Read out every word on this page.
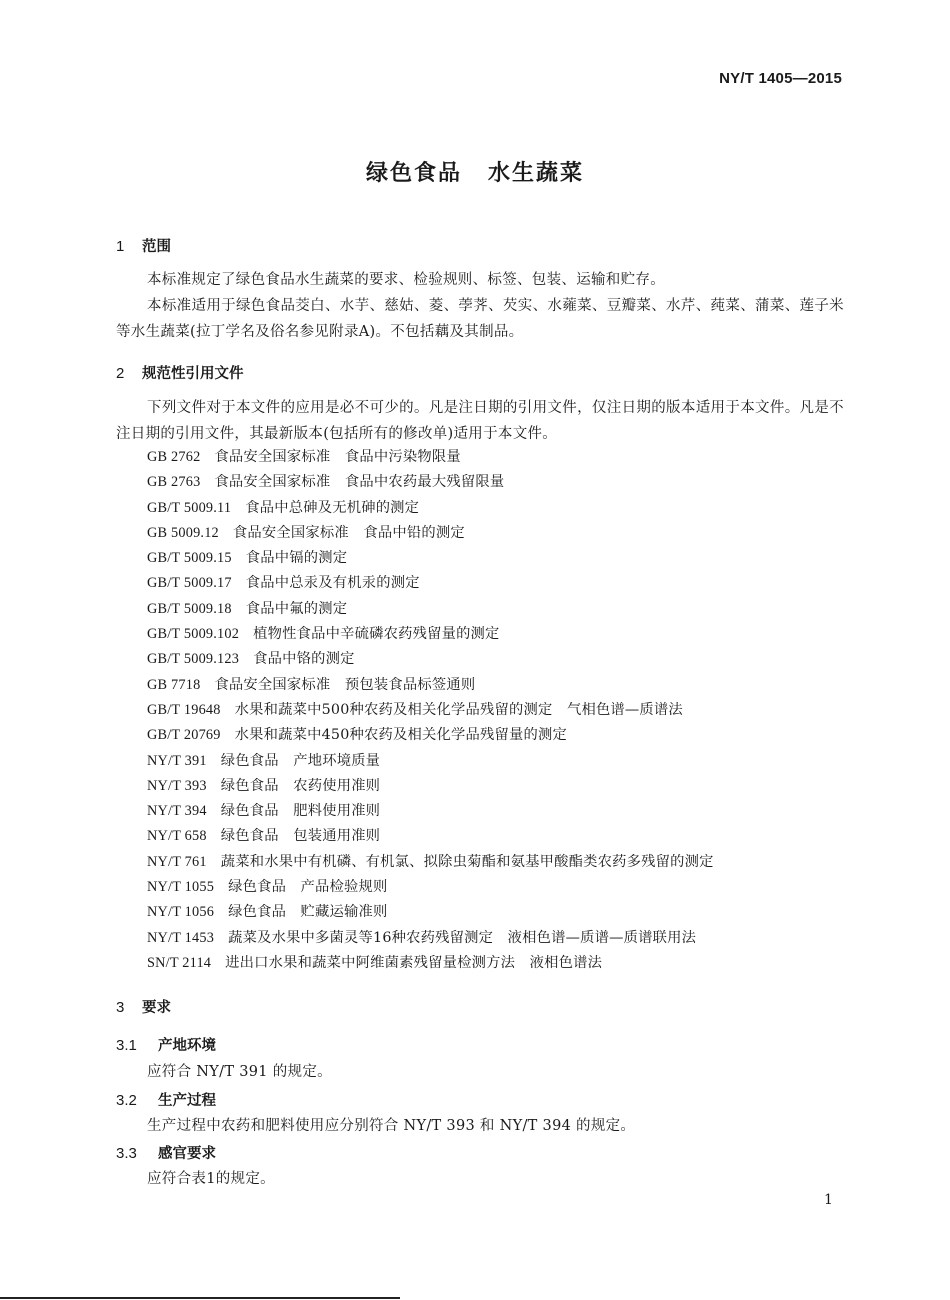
NY/T 1405—2015
绿色食品 水生蔬菜
1 范围
本标准规定了绿色食品水生蔬菜的要求、检验规则、标签、包装、运输和贮存。
本标准适用于绿色食品茭白、水芋、慈姑、菱、荸荠、芡实、水蕹菜、豆瓣菜、水芹、莼菜、蒲菜、莲子米等水生蔬菜(拉丁学名及俗名参见附录A)。不包括藕及其制品。
2 规范性引用文件
下列文件对于本文件的应用是必不可少的。凡是注日期的引用文件，仅注日期的版本适用于本文件。凡是不注日期的引用文件，其最新版本(包括所有的修改单)适用于本文件。
GB 2762 食品安全国家标准　食品中污染物限量
GB 2763 食品安全国家标准　食品中农药最大残留限量
GB/T 5009.11 食品中总砷及无机砷的测定
GB 5009.12 食品安全国家标准　食品中铅的测定
GB/T 5009.15 食品中镉的测定
GB/T 5009.17 食品中总汞及有机汞的测定
GB/T 5009.18 食品中氟的测定
GB/T 5009.102 植物性食品中辛硫磷农药残留量的测定
GB/T 5009.123 食品中铬的测定
GB 7718 食品安全国家标准　预包装食品标签通则
GB/T 19648 水果和蔬菜中500种农药及相关化学品残留的测定　气相色谱—质谱法
GB/T 20769 水果和蔬菜中450种农药及相关化学品残留量的测定
NY/T 391 绿色食品　产地环境质量
NY/T 393 绿色食品　农药使用准则
NY/T 394 绿色食品　肥料使用准则
NY/T 658 绿色食品　包装通用准则
NY/T 761 蔬菜和水果中有机磷、有机氯、拟除虫菊酯和氨基甲酸酯类农药多残留的测定
NY/T 1055 绿色食品　产品检验规则
NY/T 1056 绿色食品　贮藏运输准则
NY/T 1453 蔬菜及水果中多菌灵等16种农药残留测定　液相色谱—质谱—质谱联用法
SN/T 2114 进出口水果和蔬菜中阿维菌素残留量检测方法　液相色谱法
3 要求
3.1 产地环境
应符合 NY/T 391 的规定。
3.2 生产过程
生产过程中农药和肥料使用应分别符合 NY/T 393 和 NY/T 394 的规定。
3.3 感官要求
应符合表1的规定。
1
